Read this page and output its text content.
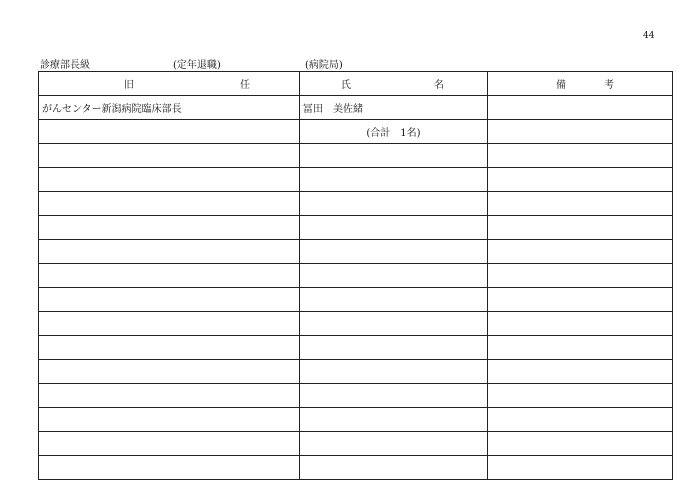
44
診療部長級	(定年退職)	(病院局)
旧 任	氏 名	備 考

がんセンター新潟病院臨床部長	冨田　美佐緒	
	(合計　1名)	
